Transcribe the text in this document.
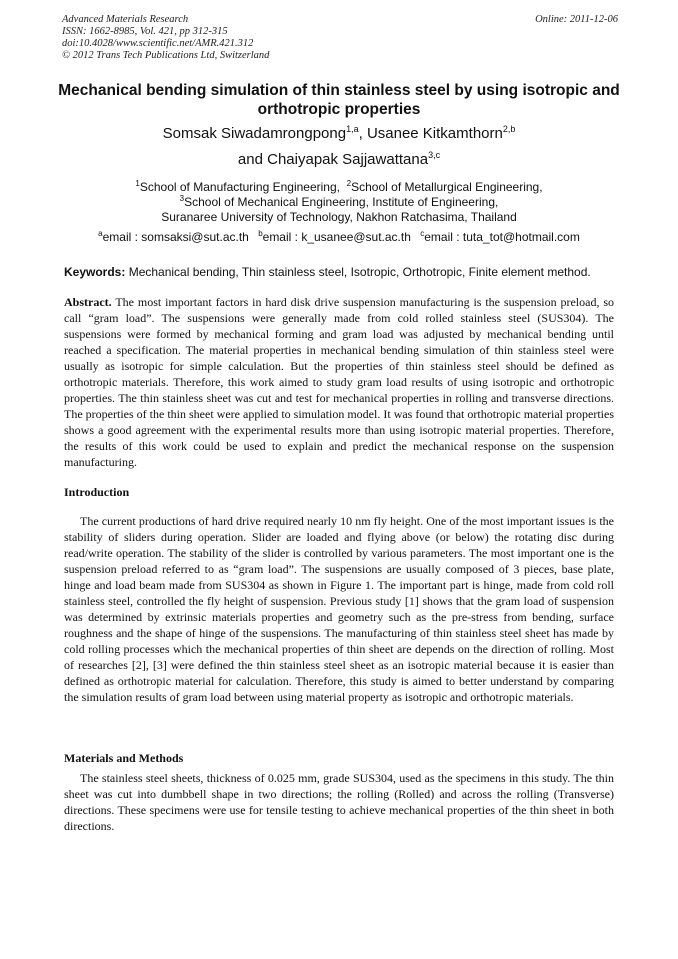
Advanced Materials Research
ISSN: 1662-8985, Vol. 421, pp 312-315
doi:10.4028/www.scientific.net/AMR.421.312
© 2012 Trans Tech Publications Ltd, Switzerland
Online: 2011-12-06
Mechanical bending simulation of thin stainless steel by using isotropic and orthotropic properties
Somsak Siwadamrongpong$^{1,a}$, Usanee Kitkamthorn$^{2,b}$
and Chaiyapak Sajjawattana$^{3,c}$
$^1$School of Manufacturing Engineering, $^2$School of Metallurgical Engineering,
$^3$School of Mechanical Engineering, Institute of Engineering,
Suranaree University of Technology, Nakhon Ratchasima, Thailand
$^a$email : somsaksi@sut.ac.th $^b$email : k_usanee@sut.ac.th $^c$email : tuta_tot@hotmail.com
Keywords: Mechanical bending, Thin stainless steel, Isotropic, Orthotropic, Finite element method.
Abstract. The most important factors in hard disk drive suspension manufacturing is the suspension preload, so call “gram load”. The suspensions were generally made from cold rolled stainless steel (SUS304). The suspensions were formed by mechanical forming and gram load was adjusted by mechanical bending until reached a specification. The material properties in mechanical bending simulation of thin stainless steel were usually as isotropic for simple calculation. But the properties of thin stainless steel should be defined as orthotropic materials. Therefore, this work aimed to study gram load results of using isotropic and orthotropic properties. The thin stainless sheet was cut and test for mechanical properties in rolling and transverse directions. The properties of the thin sheet were applied to simulation model. It was found that orthotropic material properties shows a good agreement with the experimental results more than using isotropic material properties. Therefore, the results of this work could be used to explain and predict the mechanical response on the suspension manufacturing.
Introduction
The current productions of hard drive required nearly 10 nm fly height. One of the most important issues is the stability of sliders during operation. Slider are loaded and flying above (or below) the rotating disc during read/write operation. The stability of the slider is controlled by various parameters. The most important one is the suspension preload referred to as “gram load”. The suspensions are usually composed of 3 pieces, base plate, hinge and load beam made from SUS304 as shown in Figure 1. The important part is hinge, made from cold roll stainless steel, controlled the fly height of suspension. Previous study [1] shows that the gram load of suspension was determined by extrinsic materials properties and geometry such as the pre-stress from bending, surface roughness and the shape of hinge of the suspensions. The manufacturing of thin stainless steel sheet has made by cold rolling processes which the mechanical properties of thin sheet are depends on the direction of rolling. Most of researches [2], [3] were defined the thin stainless steel sheet as an isotropic material because it is easier than defined as orthotropic material for calculation. Therefore, this study is aimed to better understand by comparing the simulation results of gram load between using material property as isotropic and orthotropic materials.
Materials and Methods
The stainless steel sheets, thickness of 0.025 mm, grade SUS304, used as the specimens in this study. The thin sheet was cut into dumbbell shape in two directions; the rolling (Rolled) and across the rolling (Transverse) directions. These specimens were use for tensile testing to achieve mechanical properties of the thin sheet in both directions.
